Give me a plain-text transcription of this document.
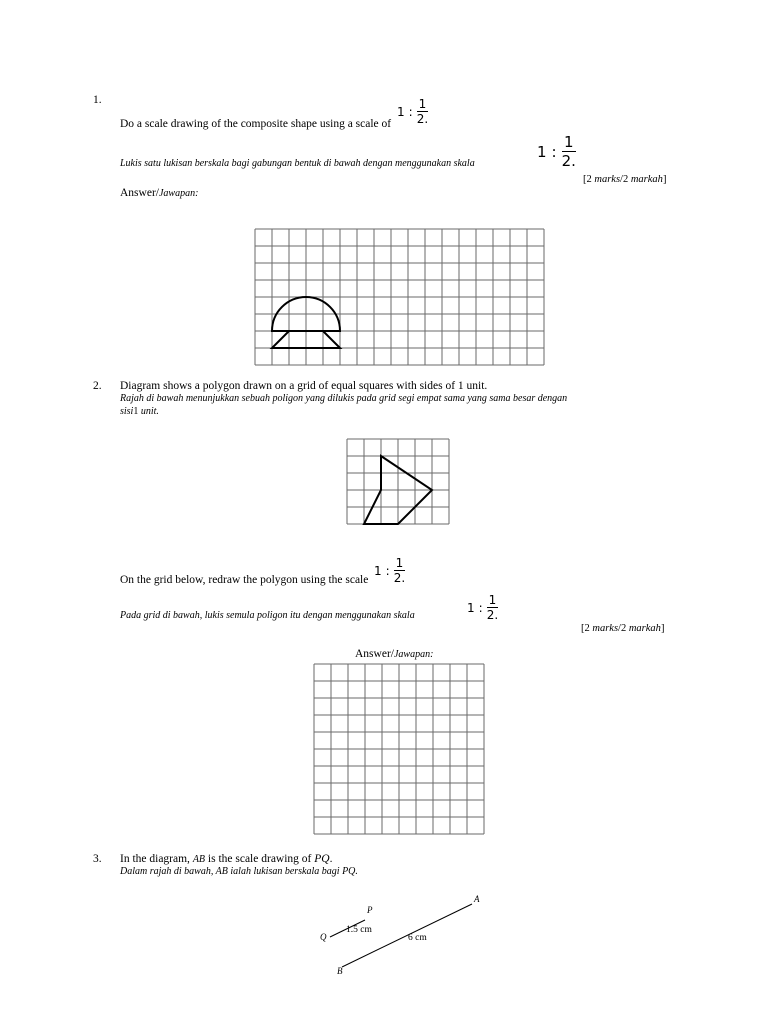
1.
Do a scale drawing of the composite shape using a scale of
1 : $\frac{1}{2.}$
Lukis satu lukisan berskala bagi gabungan bentuk di bawah dengan menggunakan skala
1 : $\frac{1}{2.}$
[2 marks/2 markah]
Answer/Jawapan:
2. Diagram shows a polygon drawn on a grid of equal squares with sides of 1 unit.
Rajah di bawah menunjukkan sebuah poligon yang dilukis pada grid segi empat sama yang sama besar dengan
sisi1 unit.
On the grid below, redraw the polygon using the scale
1 : $\frac{1}{2.}$
Pada grid di bawah, lukis semula poligon itu dengan menggunakan skala
1 : $\frac{1}{2.}$
[2 marks/2 markah]
Answer/Jawapan:
3. In the diagram, AB is the scale drawing of PQ.
Dalam rajah di bawah, AB ialah lukisan berskala bagi PQ.
P
Q
A
B
1.5 cm
6 cm
